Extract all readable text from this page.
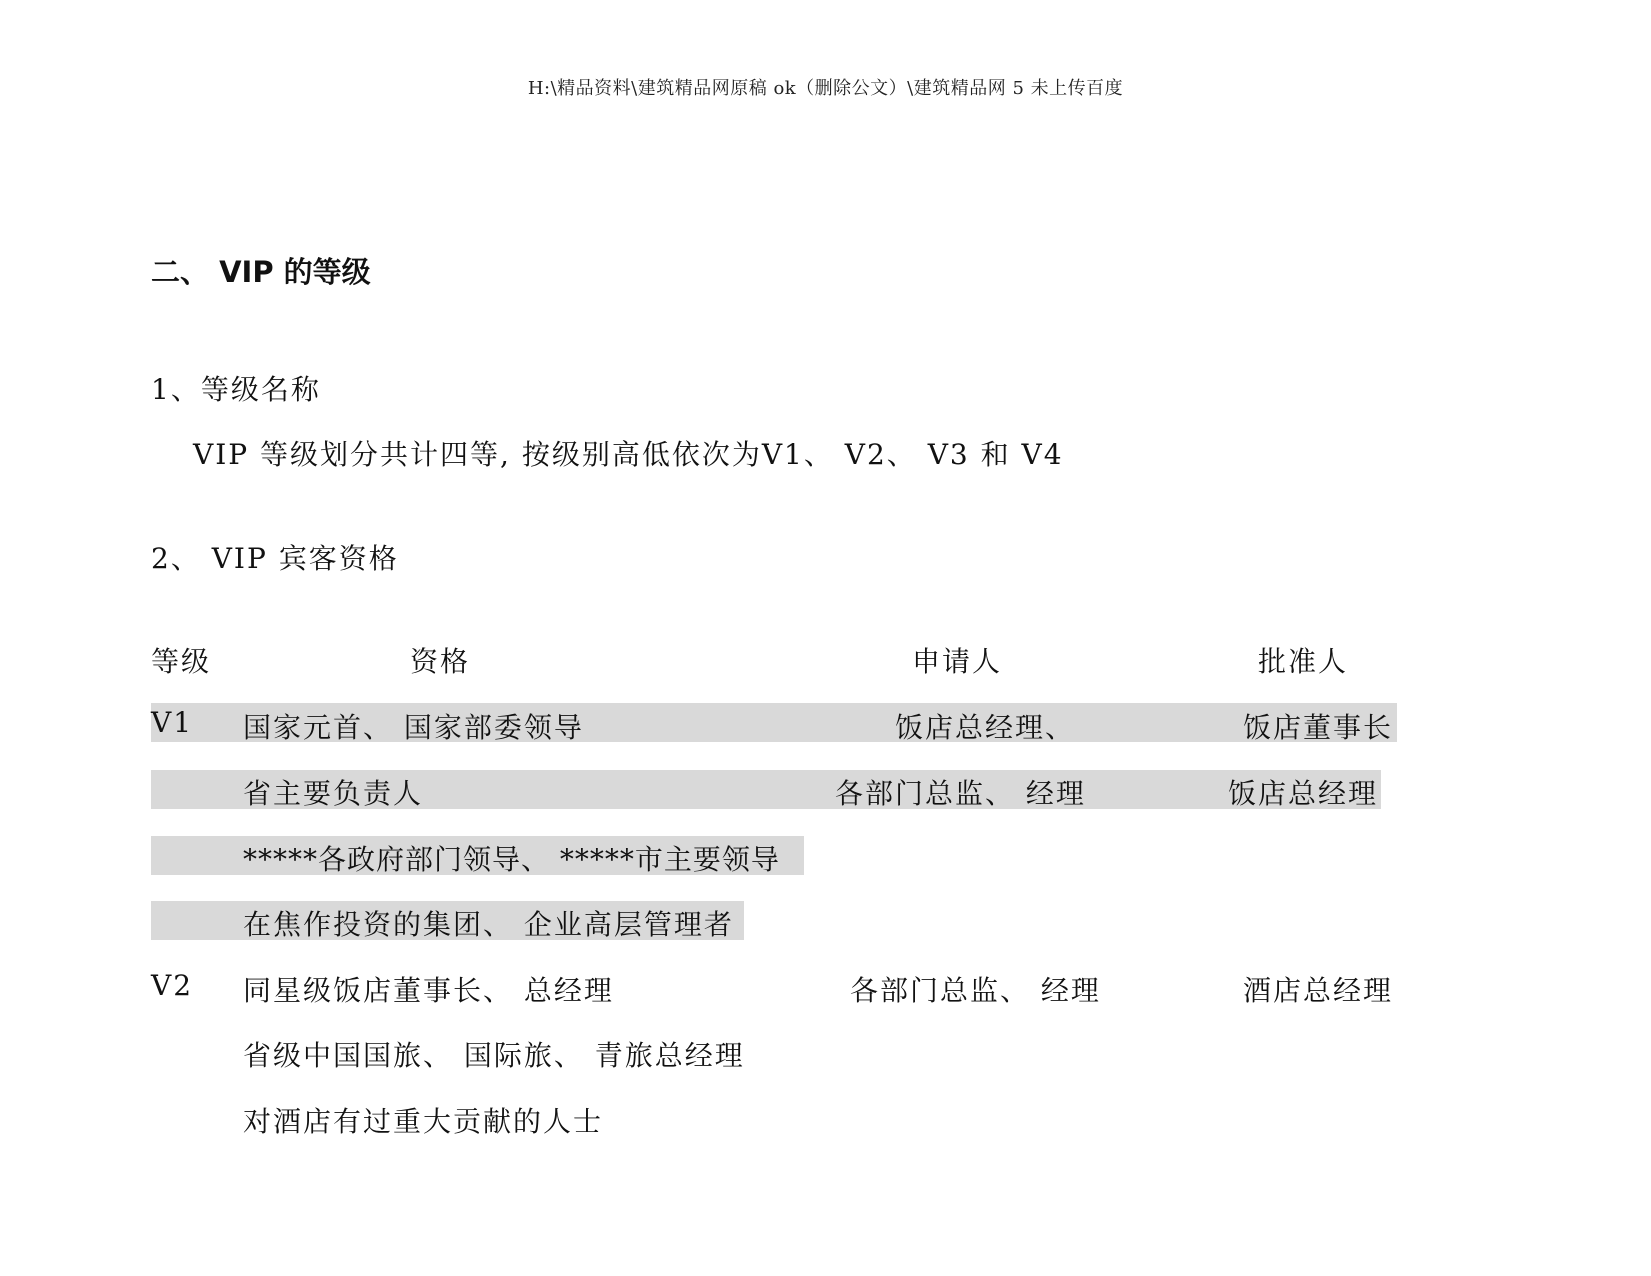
H:\精品资料\建筑精品网原稿 ok（删除公文）\建筑精品网 5 未上传百度
二、 VIP 的等级
1、等级名称
VIP 等级划分共计四等, 按级别高低依次为V1、 V2、 V3 和 V4
2、 VIP 宾客资格
等级	资格	申请人	批准人
V1 国家元首、 国家部委领导	饭店总经理、	饭店董事长
省主要负责人	各部门总监、 经理	饭店总经理
*****各政府部门领导、 *****市主要领导
在焦作投资的集团、 企业高层管理者
V2 同星级饭店董事长、 总经理	各部门总监、 经理	酒店总经理
省级中国国旅、 国际旅、 青旅总经理
对酒店有过重大贡献的人士
